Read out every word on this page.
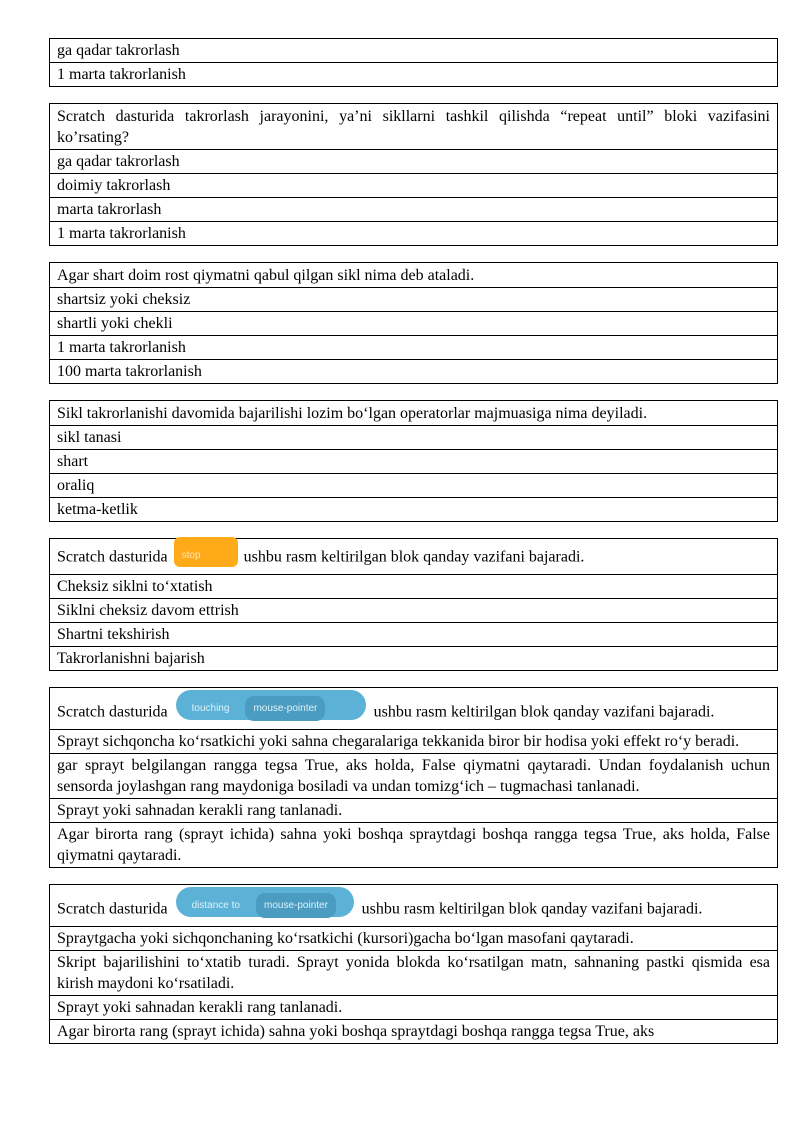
ga qadar takrorlash
1 marta takrorlanish
Scratch dasturida takrorlash jarayonini, ya’ni sikllarni tashkil qilishda “repeat until” bloki vazifasini ko’rsating?
ga qadar takrorlash
doimiy takrorlash
marta takrorlash
1 marta takrorlanish
Agar shart doim rost qiymatni qabul qilgan sikl nima deb ataladi.
shartsiz yoki cheksiz
shartli yoki chekli
1 marta takrorlanish
100 marta takrorlanish
Sikl takrorlanishi davomida bajarilishi lozim bo‘lgan operatorlar majmuasiga nima deyiladi.
sikl tanasi
shart
oraliq
ketma-ketlik
Scratch dasturida stop	ushbu rasm keltirilgan blok qanday vazifani bajaradi.
Cheksiz siklni to‘xtatish
Siklni cheksiz davom ettrish
Shartni tekshirish
Takrorlanishni bajarish
Scratch dasturida touching mouse-pointer	ushbu rasm keltirilgan blok qanday vazifani bajaradi.
Sprayt sichqoncha ko‘rsatkichi yoki sahna chegaralariga tekkanida biror bir hodisa yoki effekt ro‘y beradi.
gar sprayt belgilangan rangga tegsa True, aks holda, False qiymatni qaytaradi. Undan foydalanish uchun sensorda joylashgan rang maydoniga bosiladi va undan tomizg‘ich – tugmachasi tanlanadi.
Sprayt yoki sahnadan kerakli rang tanlanadi.
Agar birorta rang (sprayt ichida) sahna yoki boshqa spraytdagi boshqa rangga tegsa True, aks holda, False qiymatni qaytaradi.
Scratch dasturida distance to mouse-pointer ushbu rasm keltirilgan blok qanday vazifani bajaradi.
Spraytgacha yoki sichqonchaning ko‘rsatkichi (kursori)gacha bo‘lgan masofani qaytaradi.
Skript bajarilishini to‘xtatib turadi. Sprayt yonida blokda ko‘rsatilgan matn, sahnaning pastki qismida esa kirish maydoni ko‘rsatiladi.
Sprayt yoki sahnadan kerakli rang tanlanadi.
Agar birorta rang (sprayt ichida) sahna yoki boshqa spraytdagi boshqa rangga tegsa True, aks
